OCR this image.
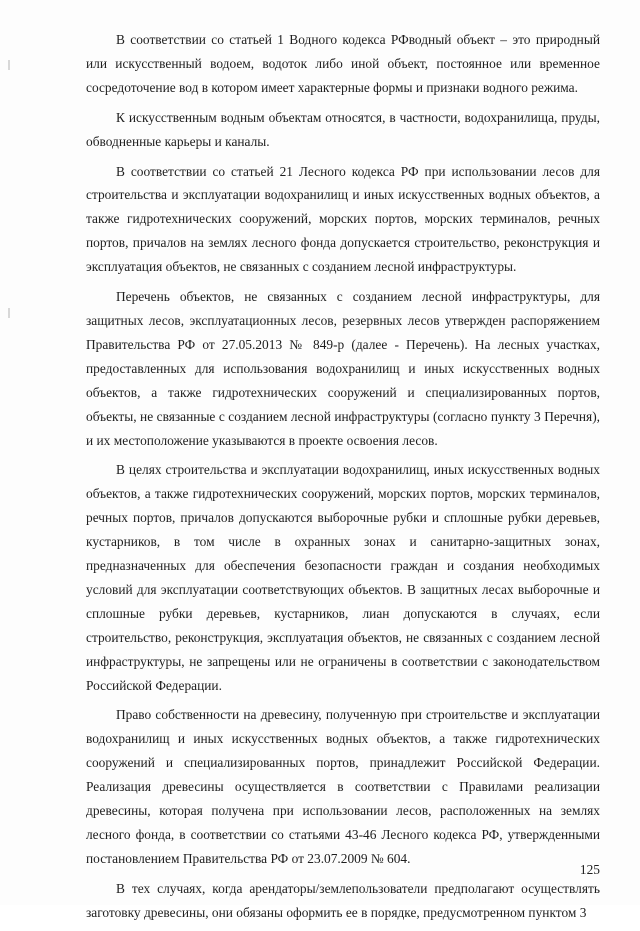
В соответствии со статьей 1 Водного кодекса РФводный объект – это природный или искусственный водоем, водоток либо иной объект, постоянное или временное сосредоточение вод в котором имеет характерные формы и признаки водного режима.

К искусственным водным объектам относятся, в частности, водохранилища, пруды, обводненные карьеры и каналы.

В соответствии со статьей 21 Лесного кодекса РФ при использовании лесов для строительства и эксплуатации водохранилищ и иных искусственных водных объектов, а также гидротехнических сооружений, морских портов, морских терминалов, речных портов, причалов на землях лесного фонда допускается строительство, реконструкция и эксплуатация объектов, не связанных с созданием лесной инфраструктуры.

Перечень объектов, не связанных с созданием лесной инфраструктуры, для защитных лесов, эксплуатационных лесов, резервных лесов утвержден распоряжением Правительства РФ от 27.05.2013 № 849-р (далее - Перечень). На лесных участках, предоставленных для использования водохранилищ и иных искусственных водных объектов, а также гидротехнических сооружений и специализированных портов, объекты, не связанные с созданием лесной инфраструктуры (согласно пункту 3 Перечня), и их местоположение указываются в проекте освоения лесов.

В целях строительства и эксплуатации водохранилищ, иных искусственных водных объектов, а также гидротехнических сооружений, морских портов, морских терминалов, речных портов, причалов допускаются выборочные рубки и сплошные рубки деревьев, кустарников, в том числе в охранных зонах и санитарно-защитных зонах, предназначенных для обеспечения безопасности граждан и создания необходимых условий для эксплуатации соответствующих объектов. В защитных лесах выборочные и сплошные рубки деревьев, кустарников, лиан допускаются в случаях, если строительство, реконструкция, эксплуатация объектов, не связанных с созданием лесной инфраструктуры, не запрещены или не ограничены в соответствии с законодательством Российской Федерации.

Право собственности на древесину, полученную при строительстве и эксплуатации водохранилищ и иных искусственных водных объектов, а также гидротехнических сооружений и специализированных портов, принадлежит Российской Федерации. Реализация древесины осуществляется в соответствии с Правилами реализации древесины, которая получена при использовании лесов, расположенных на землях лесного фонда, в соответствии со статьями 43-46 Лесного кодекса РФ, утвержденными постановлением Правительства РФ от 23.07.2009 № 604.

В тех случаях, когда арендаторы/землепользователи предполагают осуществлять заготовку древесины, они обязаны оформить ее в порядке, предусмотренном пунктом 3

125
